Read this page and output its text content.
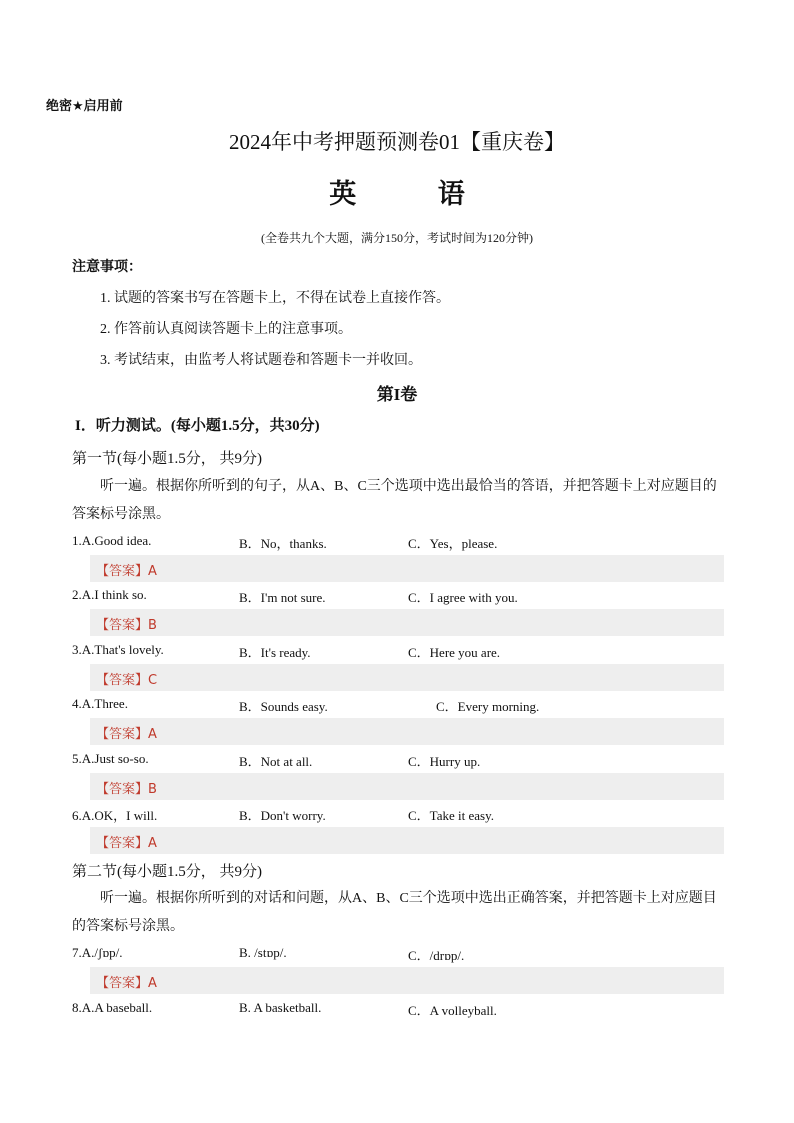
绝密★启用前
2024年中考押题预测卷01【重庆卷】
英 语
(全卷共九个大题，满分150分，考试时间为120分钟)
注意事项：
1. 试题的答案书写在答题卡上，不得在试卷上直接作答。
2. 作答前认真阅读答题卡上的注意事项。
3. 考试结束，由监考人将试题卷和答题卡一并收回。
第I卷
I．听力测试。(每小题1.5分，共30分)
第一节(每小题1.5分， 共9分)
听一遍。根据你所听到的句子，从A、B、C三个选项中选出最恰当的答语，并把答题卡上对应题目的答案标号涂黑。
1.A.Good idea.	B．No，thanks.	C．Yes，please.
【答案】A
2.A.I think so.	B．I'm not sure.	C．I agree with you.
【答案】B
3.A.That's lovely.	B．It's ready.	C．Here you are.
【答案】C
4.A.Three.	B．Sounds easy.	C．Every morning.
【答案】A
5.A.Just so-so.	B．Not at all.	C．Hurry up.
【答案】B
6.A.OK，I will.	B．Don't worry.	C．Take it easy.
【答案】A
第二节(每小题1.5分， 共9分)
听一遍。根据你所听到的对话和问题，从A、B、C三个选项中选出正确答案，并把答题卡上对应题目的答案标号涂黑。
7.A./ʃɒp/.	B. /stɒp/.	C．/drɒp/.
【答案】A
8.A.A baseball.	B. A basketball.	C．A volleyball.
